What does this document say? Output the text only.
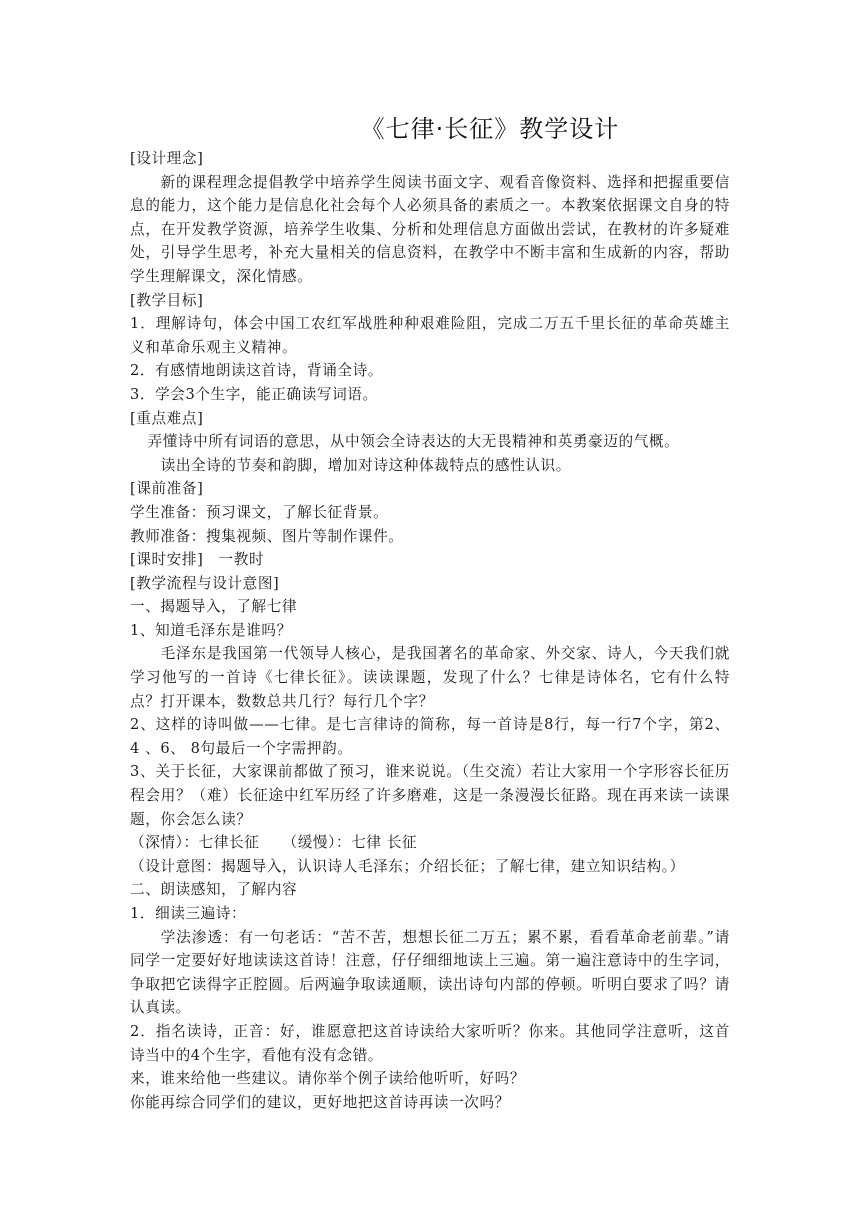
《七律·长征》教学设计

[设计理念]

新的课程理念提倡教学中培养学生阅读书面文字、观看音像资料、选择和把握重要信息的能力，这个能力是信息化社会每个人必须具备的素质之一。本教案依据课文自身的特点，在开发教学资源，培养学生收集、分析和处理信息方面做出尝试，在教材的许多疑难处，引导学生思考，补充大量相关的信息资料，在教学中不断丰富和生成新的内容，帮助学生理解课文，深化情感。

[教学目标]

1．理解诗句，体会中国工农红军战胜种种艰难险阻，完成二万五千里长征的革命英雄主义和革命乐观主义精神。

2．有感情地朗读这首诗，背诵全诗。

3．学会3个生字，能正确读写词语。

[重点难点]

弄懂诗中所有词语的意思，从中领会全诗表达的大无畏精神和英勇豪迈的气概。

读出全诗的节奏和韵脚，增加对诗这种体裁特点的感性认识。

[课前准备]

学生准备：预习课文，了解长征背景。

教师准备：搜集视频、图片等制作课件。

[课时安排]　一教时

[教学流程与设计意图]

一、揭题导入，了解七律

1、知道毛泽东是谁吗？

毛泽东是我国第一代领导人核心，是我国著名的革命家、外交家、诗人，今天我们就学习他写的一首诗《七律长征》。读读课题，发现了什么？七律是诗体名，它有什么特点？打开课本，数数总共几行？每行几个字？

2、这样的诗叫做——七律。是七言律诗的简称，每一首诗是8行，每一行7个字，第2、 4 、6、 8句最后一个字需押韵。

3、关于长征，大家课前都做了预习，谁来说说。（生交流）若让大家用一个字形容长征历程会用？（难）长征途中红军历经了许多磨难，这是一条漫漫长征路。现在再来读一读课题，你会怎么读？

（深情）：七律长征　　（缓慢）：七律 长征

（设计意图：揭题导入，认识诗人毛泽东；介绍长征；了解七律，建立知识结构。）

二、朗读感知，了解内容

1．细读三遍诗：

学法渗透：有一句老话：“苦不苦，想想长征二万五；累不累，看看革命老前辈。”请同学一定要好好地读读这首诗！注意，仔仔细细地读上三遍。第一遍注意诗中的生字词，争取把它读得字正腔圆。后两遍争取读通顺，读出诗句内部的停顿。听明白要求了吗？请认真读。

2．指名读诗，正音：好，谁愿意把这首诗读给大家听听？你来。其他同学注意听，这首诗当中的4个生字，看他有没有念错。

来，谁来给他一些建议。请你举个例子读给他听听，好吗？

你能再综合同学们的建议，更好地把这首诗再读一次吗？
